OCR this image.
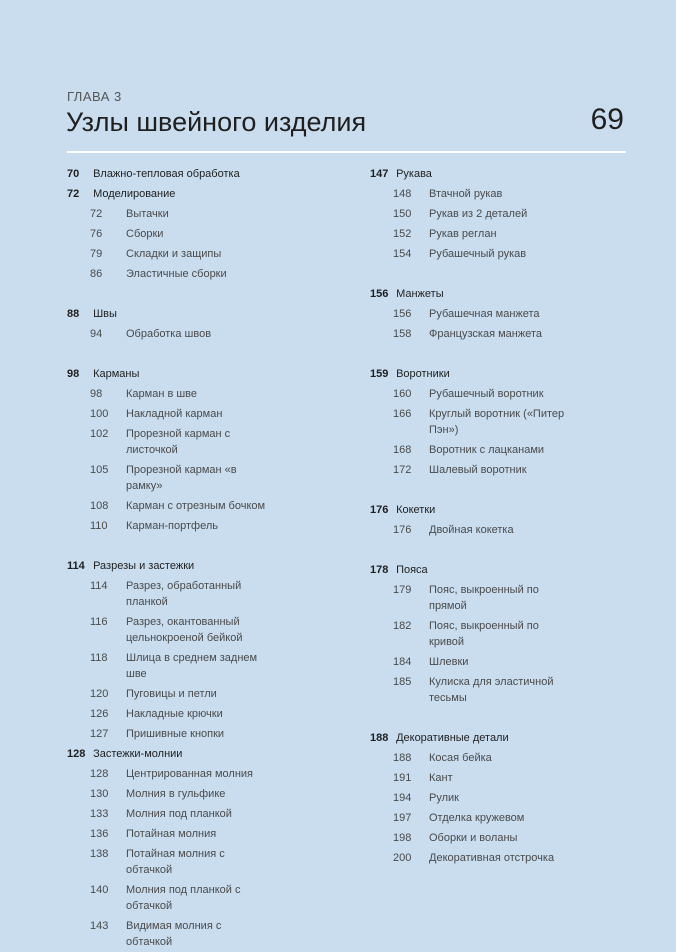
ГЛАВА 3
Узлы швейного изделия	69
70 Влажно-тепловая обработка
72 Моделирование
72	Вытачки
76	Сборки
79	Складки и защипы
86	Эластичные сборки
88 Швы
94	Обработка швов
98 Карманы
98	Карман в шве
100	Накладной карман
102	Прорезной карман с листочкой
105	Прорезной карман «в рамку»
108	Карман с отрезным бочком
110	Карман-портфель
114 Разрезы и застежки
114	Разрез, обработанный планкой
116	Разрез, окантованный цельнокроеной бейкой
118	Шлица в среднем заднем шве
120	Пуговицы и петли
126	Накладные крючки
127	Пришивные кнопки
128 Застежки-молнии
128	Центрированная молния
130	Молния в гульфике
133	Молния под планкой
136	Потайная молния
138	Потайная молния с обтачкой
140	Молния под планкой с обтачкой
143	Видимая молния с обтачкой
147 Рукава
148	Втачной рукав
150	Рукав из 2 деталей
152	Рукав реглан
154	Рубашечный рукав
156 Манжеты
156	Рубашечная манжета
158	Французская манжета
159 Воротники
160	Рубашечный воротник
166	Круглый воротник («Питер Пэн»)
168	Воротник с лацканами
172	Шалевый воротник
176 Кокетки
176	Двойная кокетка
178 Пояса
179	Пояс, выкроенный по прямой
182	Пояс, выкроенный по кривой
184	Шлевки
185	Кулиска для эластичной тесьмы
188 Декоративные детали
188	Косая бейка
191	Кант
194	Рулик
197	Отделка кружевом
198	Оборки и воланы
200	Декоративная отстрочка
